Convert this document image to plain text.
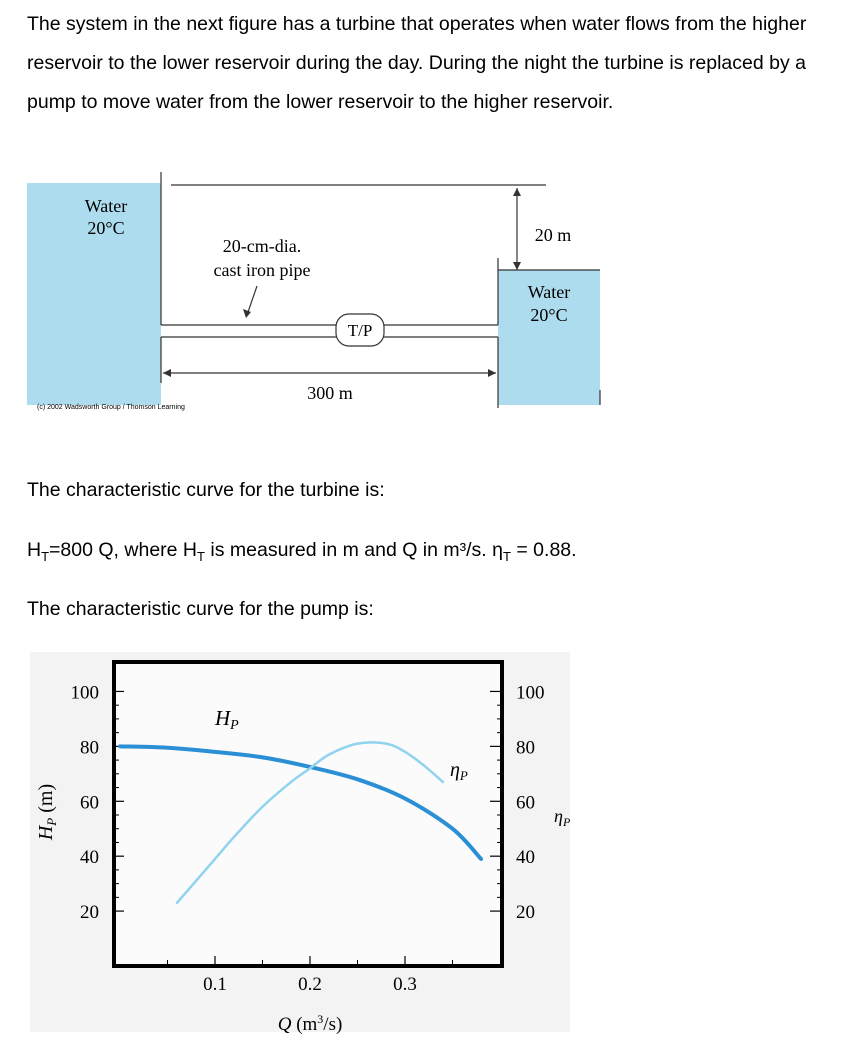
The system in the next figure has a turbine that operates when water flows from the higher reservoir to the lower reservoir during the day. During the night the turbine is replaced by a pump to move water from the lower reservoir to the higher reservoir.

T/P
Water
20°C
20-cm-dia.
cast iron pipe
20 m
Water
20°C
300 m
(c) 2002 Wadsworth Group / Thomson Learning

The characteristic curve for the turbine is:

$H_T=800$ Q, where $H_T$ is measured in m and Q in m³/s. $\eta_T = 0.88$.

The characteristic curve for the pump is:

20
40
60
80
100
20
40
60
80
100
0.1	0.2	0.3
HP
$\eta_P$
$H_P$ (m)	$\eta_P$
Q $(m^3/s)$
